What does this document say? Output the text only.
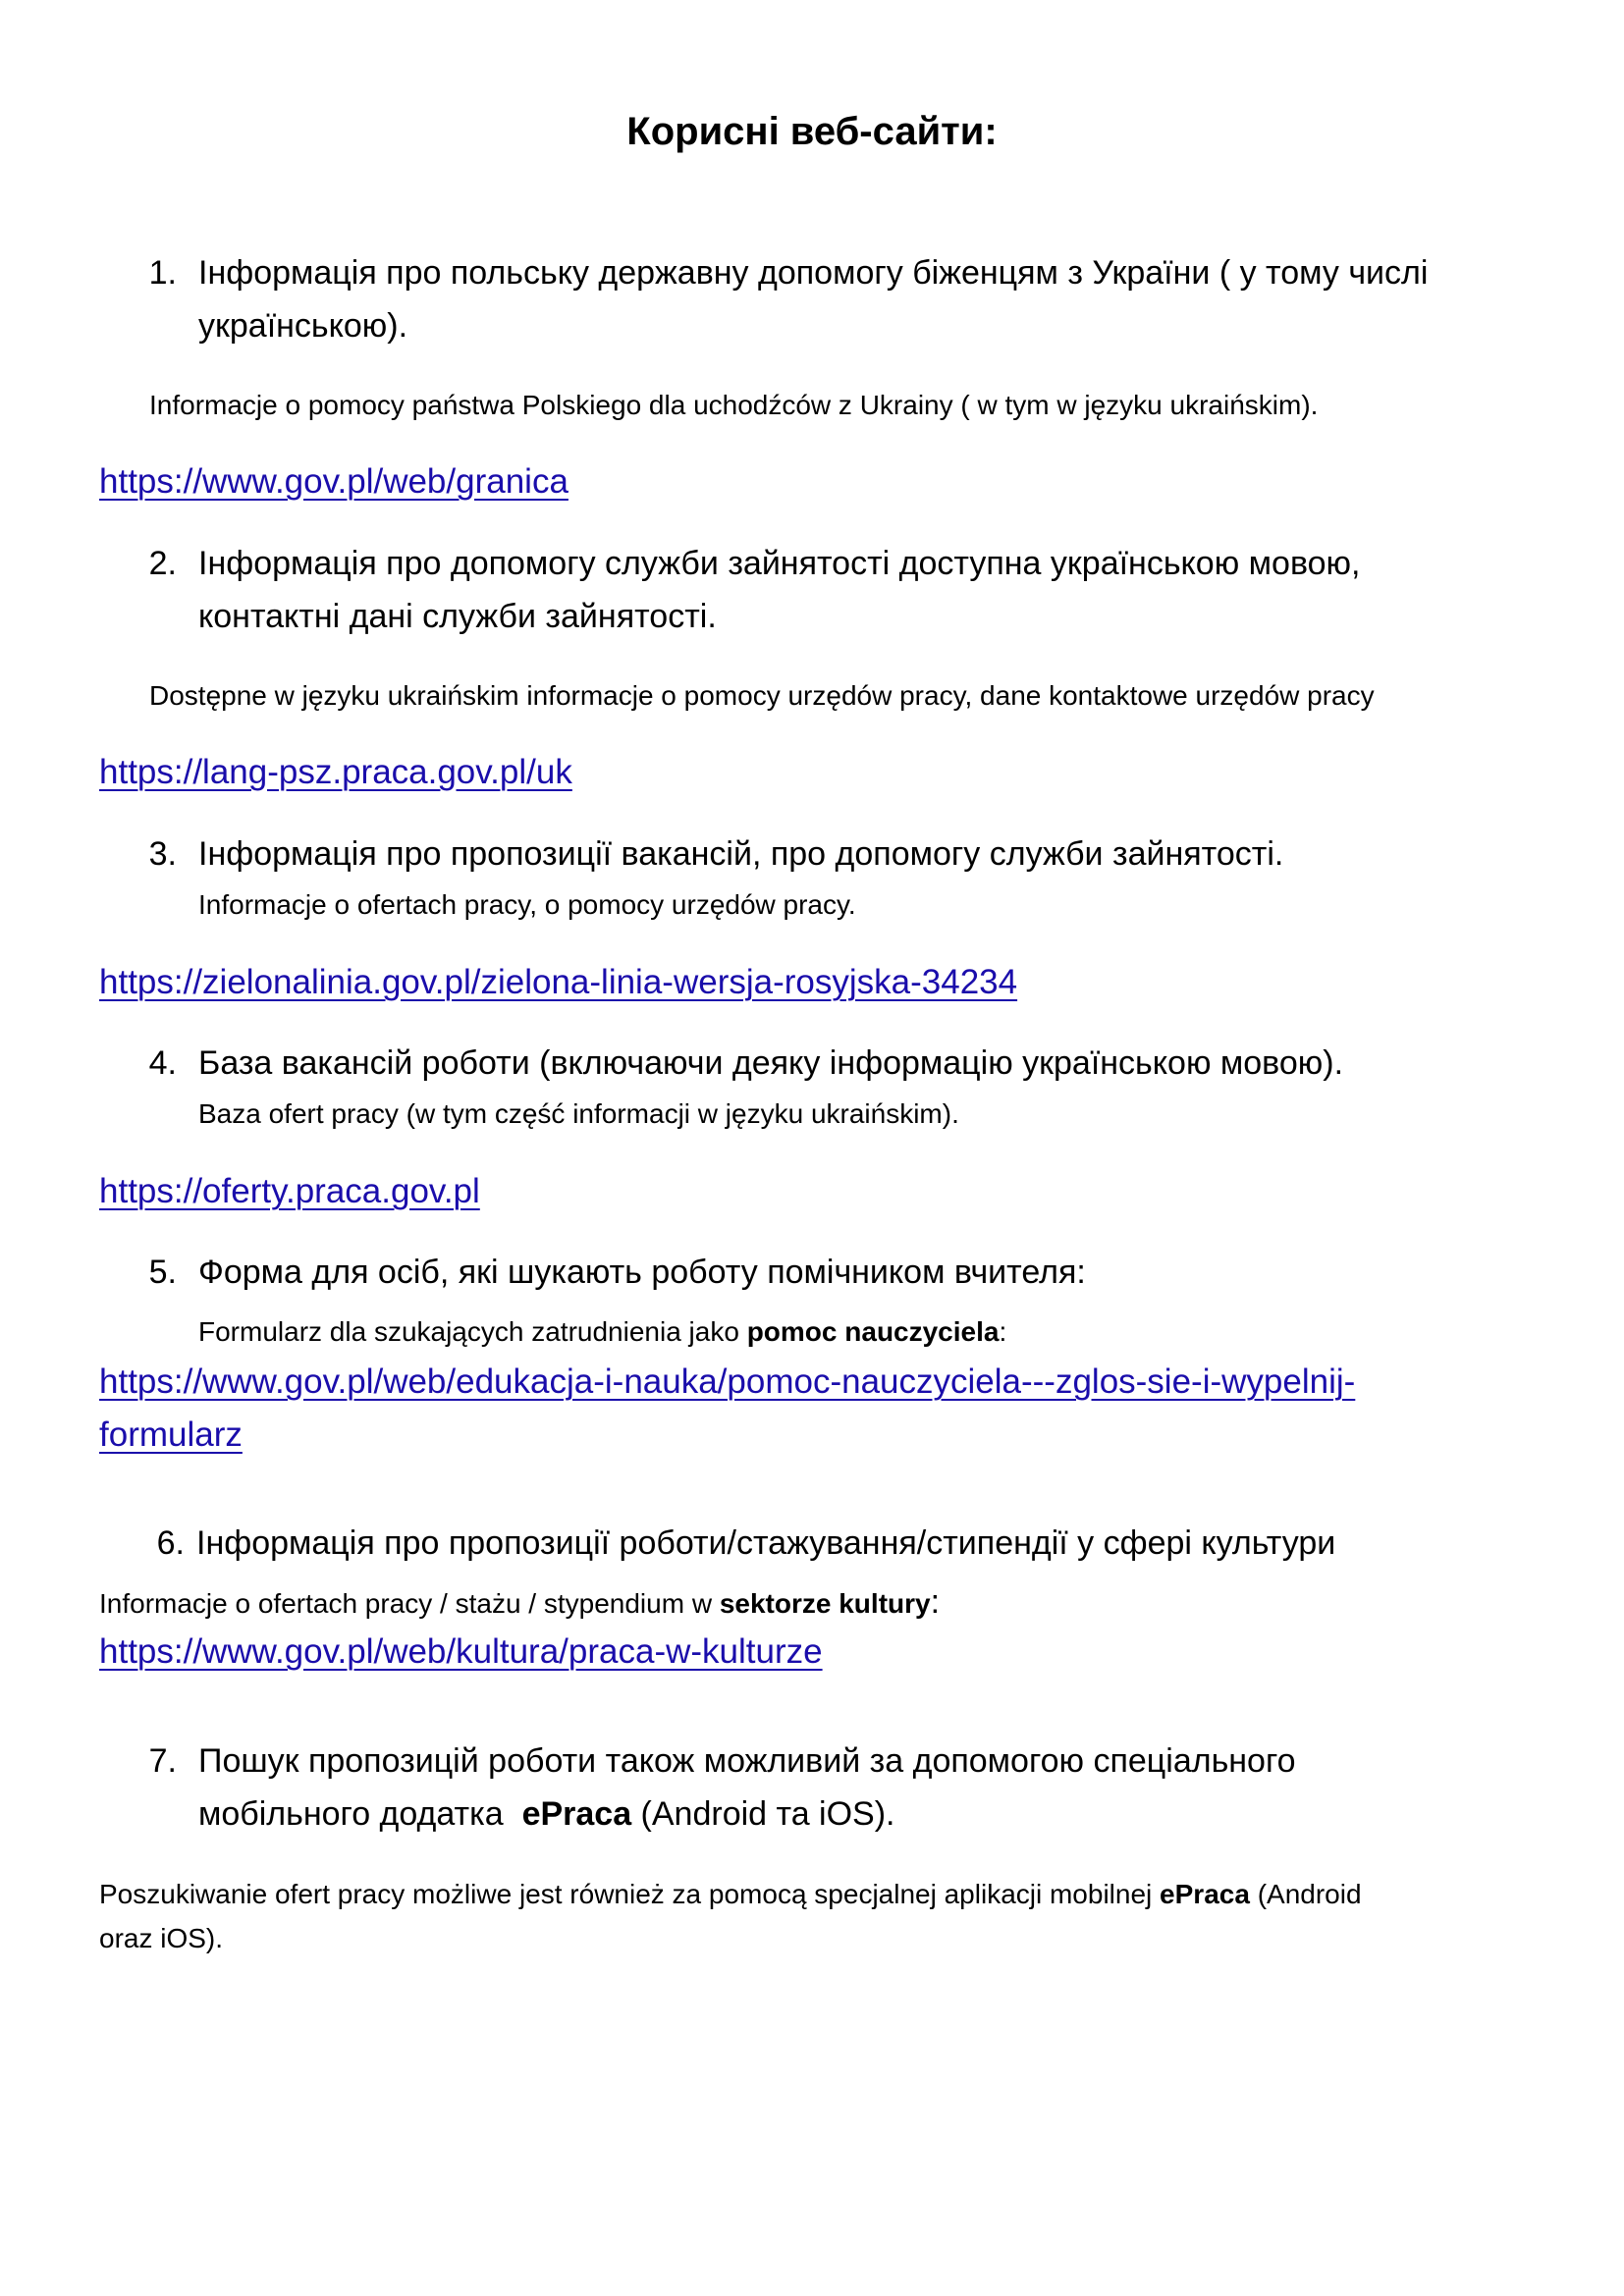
Корисні веб-сайти:
1. Інформація про польську державну допомогу біженцям з України ( у тому числі
українською).
Informacje o pomocy państwa Polskiego dla uchodźców z Ukrainy ( w tym w języku ukraińskim).
https://www.gov.pl/web/granica
2. Інформація про допомогу служби зайнятості доступна українською мовою,
контактні дані служби зайнятості.
Dostępne w języku ukraińskim informacje o pomocy urzędów pracy, dane kontaktowe urzędów pracy
https://lang-psz.praca.gov.pl/uk
3. Інформація про пропозиції вакансій, про допомогу служби зайнятості.
Informacje o ofertach pracy, o pomocy urzędów pracy.
https://zielonalinia.gov.pl/zielona-linia-wersja-rosyjska-34234
4. База вакансій роботи (включаючи деяку інформацію українською мовою).
Baza ofert pracy (w tym część informacji w języku ukraińskim).
https://oferty.praca.gov.pl
5. Форма для осіб, які шукають роботу помічником вчителя:
Formularz dla szukających zatrudnienia jako pomoc nauczyciela:
https://www.gov.pl/web/edukacja-i-nauka/pomoc-nauczyciela---zglos-sie-i-wypelnij-
formularz
6. Інформація про пропозиції роботи/стажування/стипендії у сфері культури
Informacje o ofertach pracy / stażu / stypendium w sektorze kultury:
https://www.gov.pl/web/kultura/praca-w-kulturze
7. Пошук пропозицій роботи також можливий за допомогою спеціального
мобільного додатка  ePraca (Android та iOS).
Poszukiwanie ofert pracy możliwe jest również za pomocą specjalnej aplikacji mobilnej ePraca (Android
oraz iOS).
